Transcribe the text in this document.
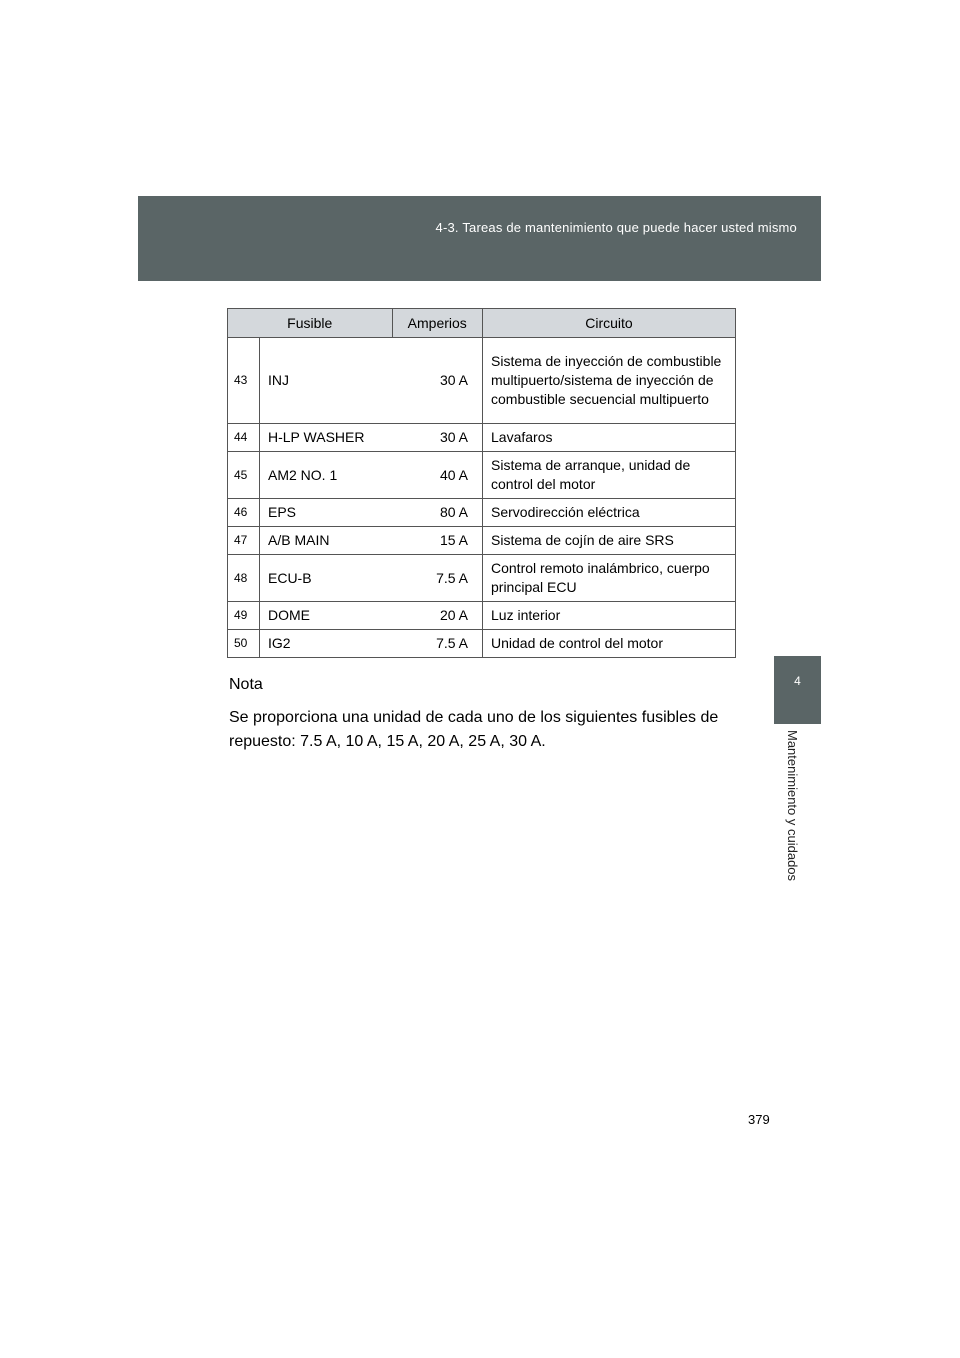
4-3. Tareas de mantenimiento que puede hacer usted mismo
4
Mantenimiento y cuidados
Fusible		Amperios	Circuito
43	INJ	30 A	Sistema de inyección de combustible multipuerto/sistema de inyección de combustible secuencial multipuerto
44	H-LP WASHER	30 A	Lavafaros
45	AM2 NO. 1	40 A	Sistema de arranque, unidad de control del motor
46	EPS	80 A	Servodirección eléctrica
47	A/B MAIN	15 A	Sistema de cojín de aire SRS
48	ECU-B	7.5 A	Control remoto inalámbrico, cuerpo principal ECU
49	DOME	20 A	Luz interior
50	IG2	7.5 A	Unidad de control del motor
Nota
Se proporciona una unidad de cada uno de los siguientes fusibles de repuesto: 7.5 A, 10 A, 15 A, 20 A, 25 A, 30 A.
379
